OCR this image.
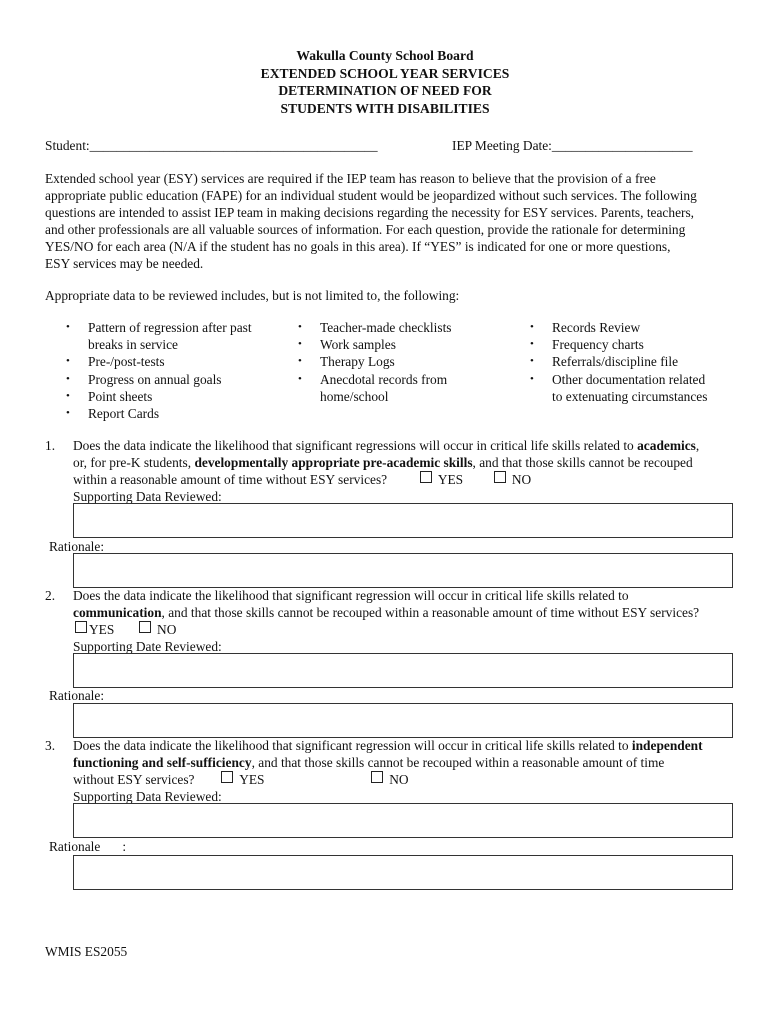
Wakulla County School Board
EXTENDED SCHOOL YEAR SERVICES
DETERMINATION OF NEED FOR
STUDENTS WITH DISABILITIES
Student:___________________________________________	IEP Meeting Date:_____________________
Extended school year (ESY) services are required if the IEP team has reason to believe that the provision of a free
appropriate public education (FAPE) for an individual student would be jeopardized without such services. The following
questions are intended to assist IEP team in making decisions regarding the necessity for ESY services. Parents, teachers,
and other professionals are all valuable sources of information. For each question, provide the rationale for determining
YES/NO for each area (N/A if the student has no goals in this area). If “YES” is indicated for one or more questions,
ESY services may be needed.
Appropriate data to be reviewed includes, but is not limited to, the following:
• Pattern of regression after past
breaks in service
• Pre-/post-tests
• Progress on annual goals
• Point sheets
• Report Cards
• Teacher-made checklists
• Work samples
• Therapy Logs
• Anecdotal records from
home/school
• Records Review
• Frequency charts
• Referrals/discipline file
• Other documentation related
to extenuating circumstances
1. Does the data indicate the likelihood that significant regressions will occur in critical life skills related to academics,
or, for pre-K students, developmentally appropriate pre-academic skills, and that those skills cannot be recouped
within a reasonable amount of time without ESY services?	YES	NO
Supporting Data Reviewed:
Rationale:
2. Does the data indicate the likelihood that significant regression will occur in critical life skills related to
communication, and that those skills cannot be recouped within a reasonable amount of time without ESY services?
YES	NO
Supporting Date Reviewed:
Rationale:
3. Does the data indicate the likelihood that significant regression will occur in critical life skills related to independent
functioning and self-sufficiency, and that those skills cannot be recouped within a reasonable amount of time
without ESY services?	YES	NO
Supporting Data Reviewed:
Rationale :
WMIS ES2055
